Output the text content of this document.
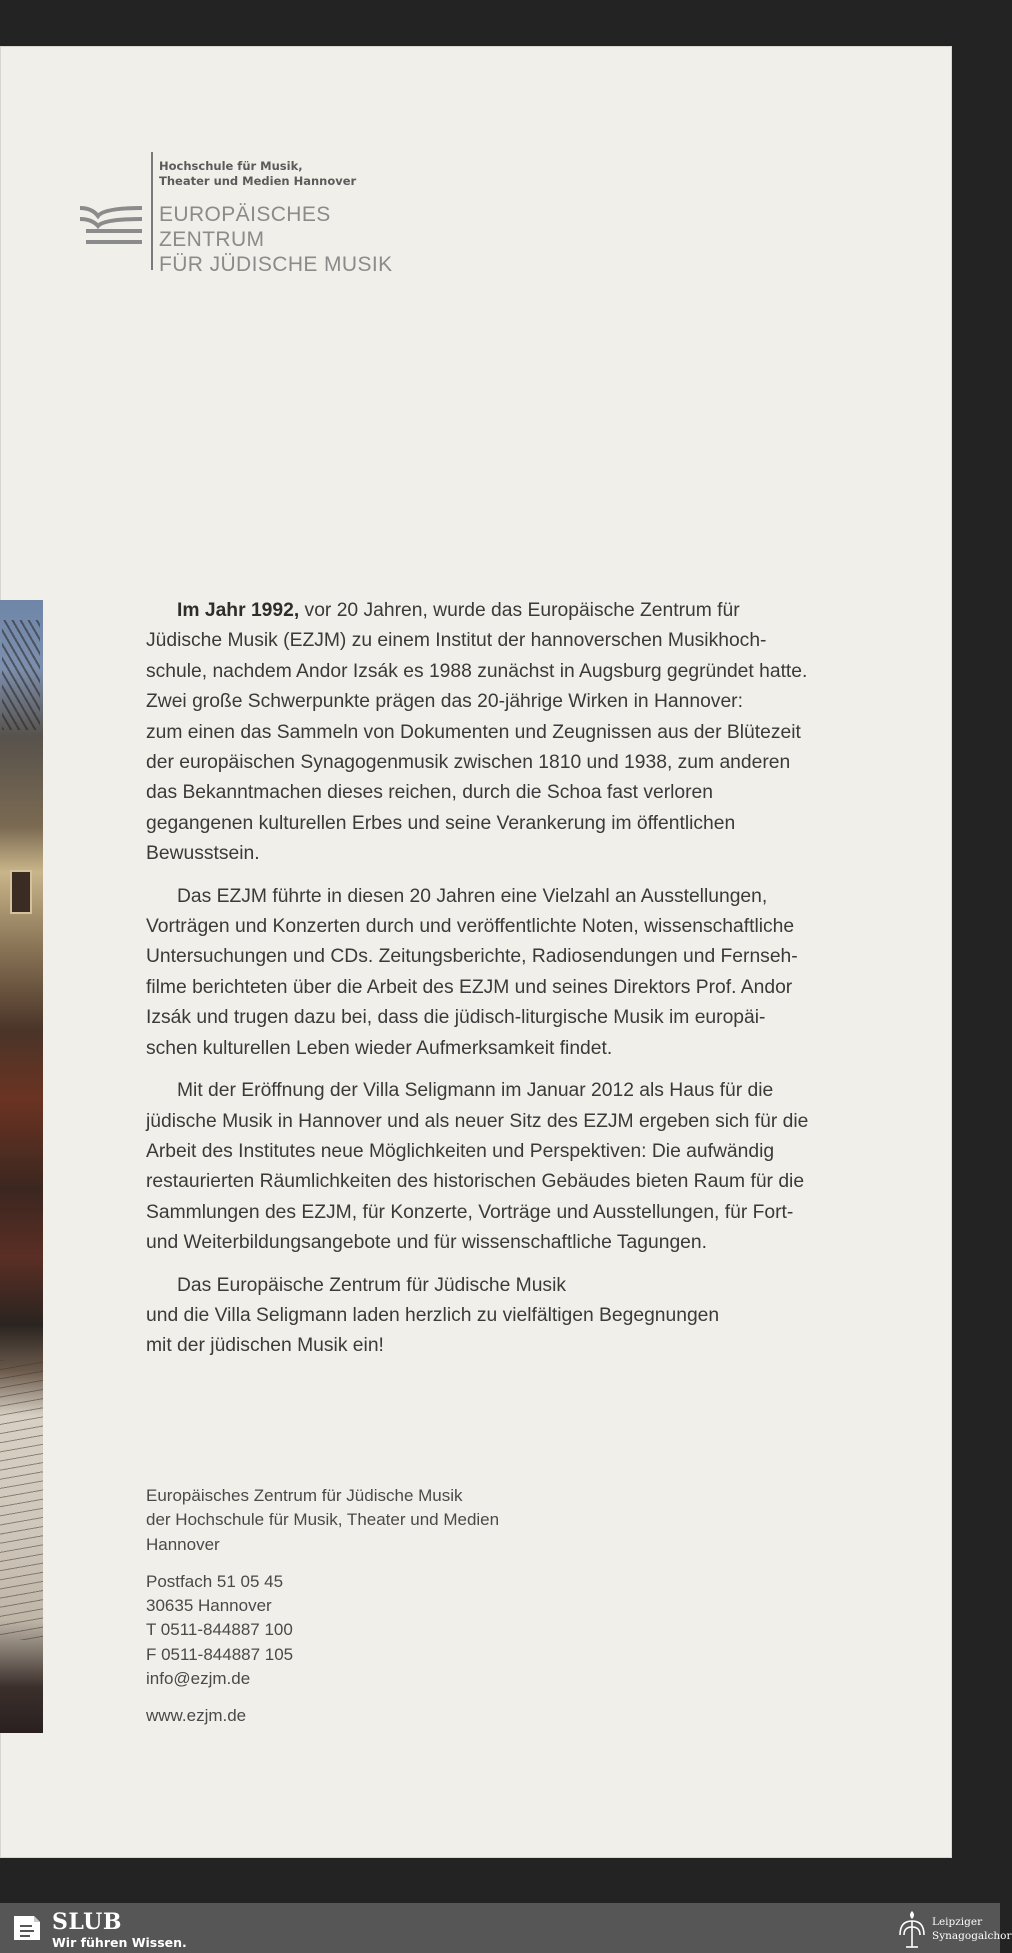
Hochschule für Musik,
Theater und Medien Hannover
EUROPÄISCHES ZENTRUM
FÜR JÜDISCHE MUSIK

Im Jahr 1992, vor 20 Jahren, wurde das Europäische Zentrum für
Jüdische Musik (EZJM) zu einem Institut der hannoverschen Musikhoch-
schule, nachdem Andor Izsák es 1988 zunächst in Augsburg gegründet hatte.
Zwei große Schwerpunkte prägen das 20-jährige Wirken in Hannover:
zum einen das Sammeln von Dokumenten und Zeugnissen aus der Blütezeit
der europäischen Synagogenmusik zwischen 1810 und 1938, zum anderen
das Bekanntmachen dieses reichen, durch die Schoa fast verloren
gegangenen kulturellen Erbes und seine Verankerung im öffentlichen
Bewusstsein.

Das EZJM führte in diesen 20 Jahren eine Vielzahl an Ausstellungen,
Vorträgen und Konzerten durch und veröffentlichte Noten, wissenschaftliche
Untersuchungen und CDs. Zeitungsberichte, Radiosendungen und Fernseh-
filme berichteten über die Arbeit des EZJM und seines Direktors Prof. Andor
Izsák und trugen dazu bei, dass die jüdisch-liturgische Musik im europäi-
schen kulturellen Leben wieder Aufmerksamkeit findet.

Mit der Eröffnung der Villa Seligmann im Januar 2012 als Haus für die
jüdische Musik in Hannover und als neuer Sitz des EZJM ergeben sich für die
Arbeit des Institutes neue Möglichkeiten und Perspektiven: Die aufwändig
restaurierten Räumlichkeiten des historischen Gebäudes bieten Raum für die
Sammlungen des EZJM, für Konzerte, Vorträge und Ausstellungen, für Fort-
und Weiterbildungsangebote und für wissenschaftliche Tagungen.

Das Europäische Zentrum für Jüdische Musik
und die Villa Seligmann laden herzlich zu vielfältigen Begegnungen
mit der jüdischen Musik ein!

Europäisches Zentrum für Jüdische Musik
der Hochschule für Musik, Theater und Medien
Hannover
Postfach 51 05 45
30635 Hannover
T 0511-844887 100
F 0511-844887 105
info@ezjm.de
www.ezjm.de
SLUB
Wir führen Wissen.
Leipziger
Synagogalchor
